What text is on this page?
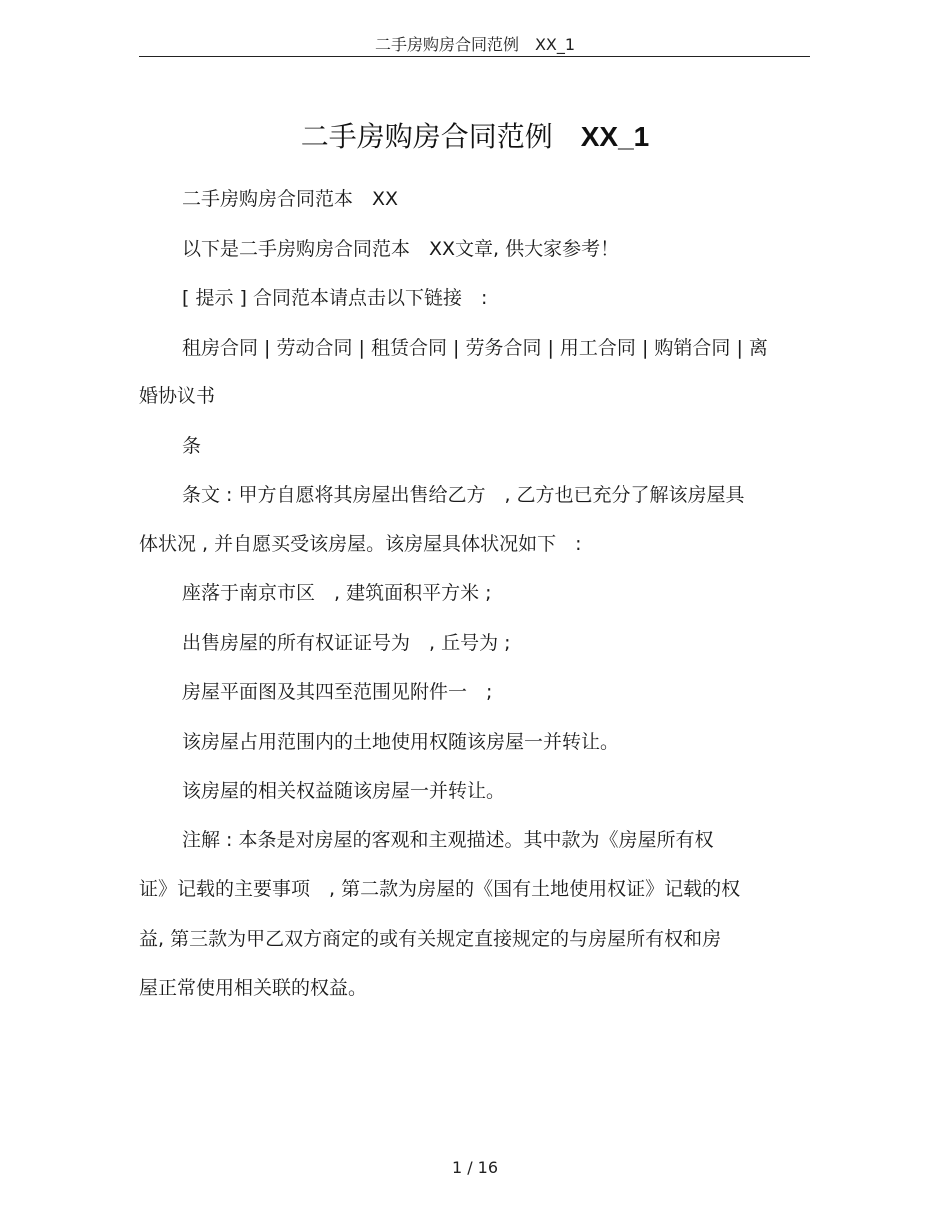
二手房购房合同范例　XX_1
二手房购房合同范例　XX_1
二手房购房合同范本　XX
以下是二手房购房合同范本　XX文章, 供大家参考！
[ 提示 ] 合同范本请点击以下链接　:
租房合同 | 劳动合同 | 租赁合同 | 劳务合同 | 用工合同 | 购销合同 | 离
婚协议书
条
条文 : 甲方自愿将其房屋出售给乙方　, 乙方也已充分了解该房屋具
体状况 , 并自愿买受该房屋。该房屋具体状况如下　:
座落于南京市区　, 建筑面积平方米 ;
出售房屋的所有权证证号为　, 丘号为 ;
房屋平面图及其四至范围见附件一　;
该房屋占用范围内的土地使用权随该房屋一并转让。
该房屋的相关权益随该房屋一并转让。
注解 : 本条是对房屋的客观和主观描述。其中款为《房屋所有权
证》记载的主要事项　, 第二款为房屋的《国有土地使用权证》记载的权
益, 第三款为甲乙双方商定的或有关规定直接规定的与房屋所有权和房
屋正常使用相关联的权益。
1 / 16
